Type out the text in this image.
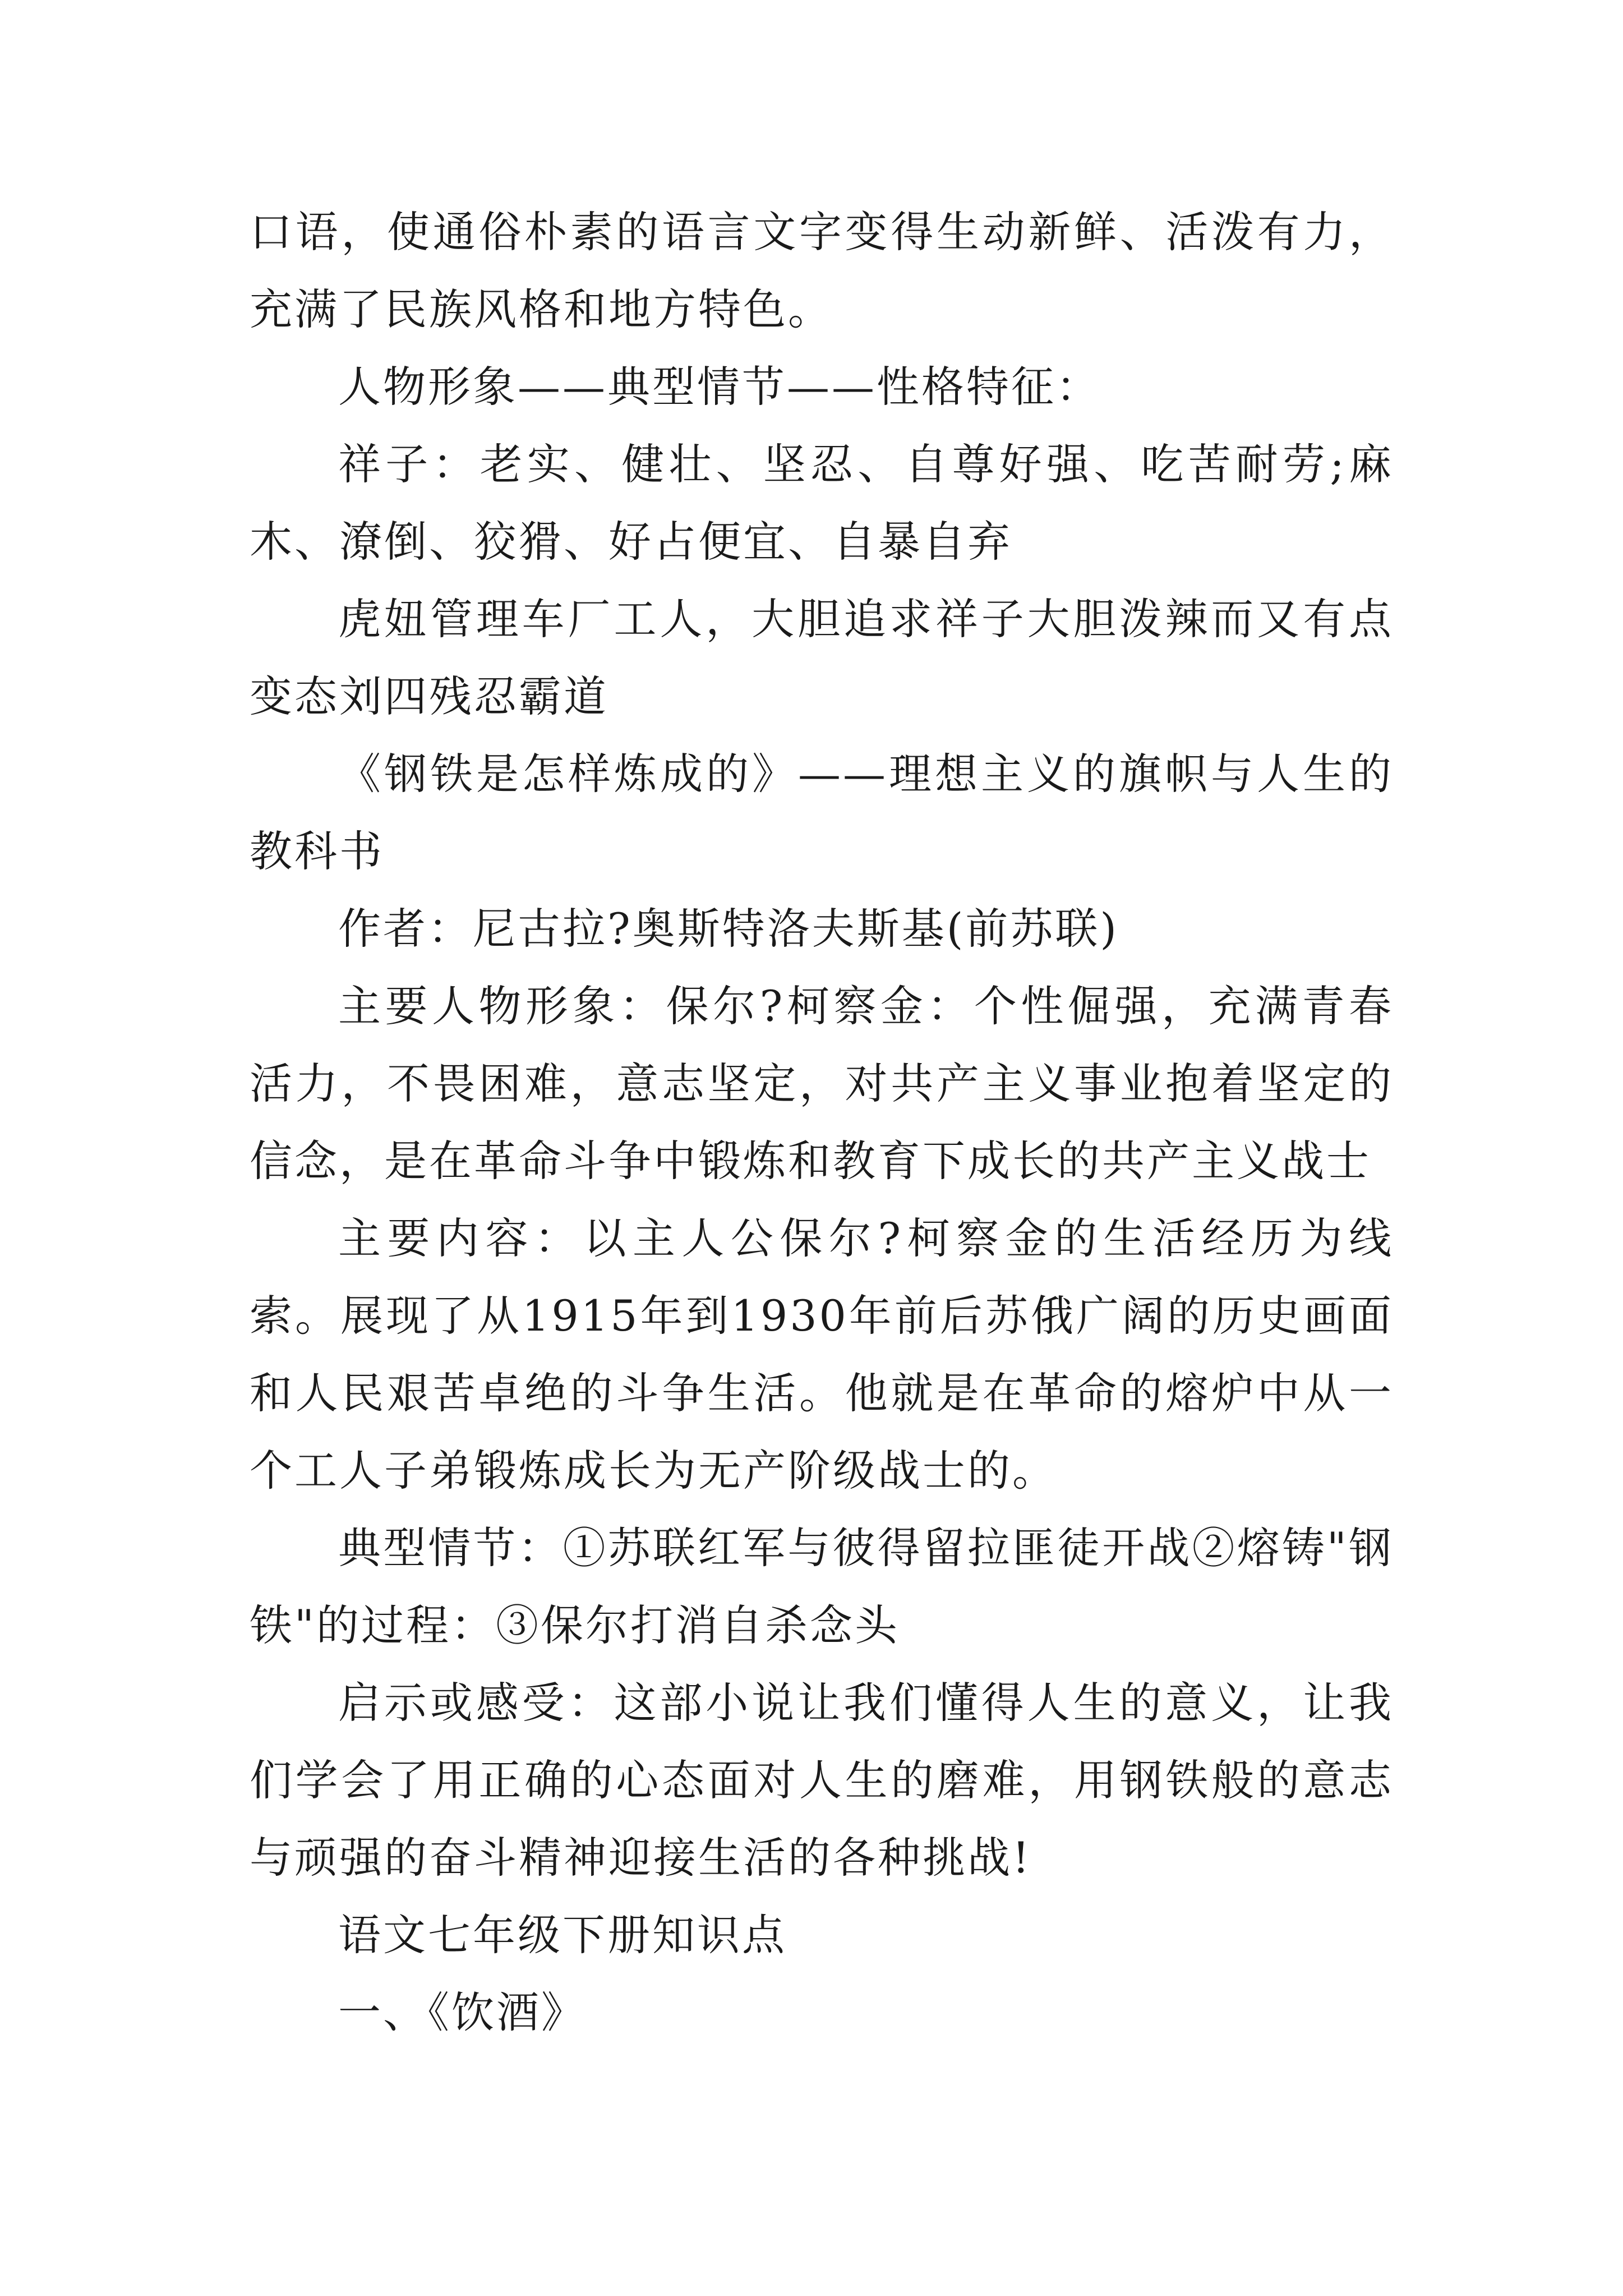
口语，使通俗朴素的语言文字变得生动新鲜、活泼有力，充满了民族风格和地方特色。

人物形象——典型情节——性格特征：

祥子：老实、健壮、坚忍、自尊好强、吃苦耐劳;麻木、潦倒、狡猾、好占便宜、自暴自弃

虎妞管理车厂工人，大胆追求祥子大胆泼辣而又有点变态刘四残忍霸道

《钢铁是怎样炼成的》——理想主义的旗帜与人生的教科书

作者：尼古拉?奥斯特洛夫斯基(前苏联)

主要人物形象：保尔?柯察金：个性倔强，充满青春活力，不畏困难，意志坚定，对共产主义事业抱着坚定的信念，是在革命斗争中锻炼和教育下成长的共产主义战士

主要内容：以主人公保尔?柯察金的生活经历为线索。展现了从1915年到1930年前后苏俄广阔的历史画面和人民艰苦卓绝的斗争生活。他就是在革命的熔炉中从一个工人子弟锻炼成长为无产阶级战士的。

典型情节：①苏联红军与彼得留拉匪徒开战②熔铸"钢铁"的过程：③保尔打消自杀念头

启示或感受：这部小说让我们懂得人生的意义，让我们学会了用正确的心态面对人生的磨难，用钢铁般的意志与顽强的奋斗精神迎接生活的各种挑战!

语文七年级下册知识点

一、《饮酒》
